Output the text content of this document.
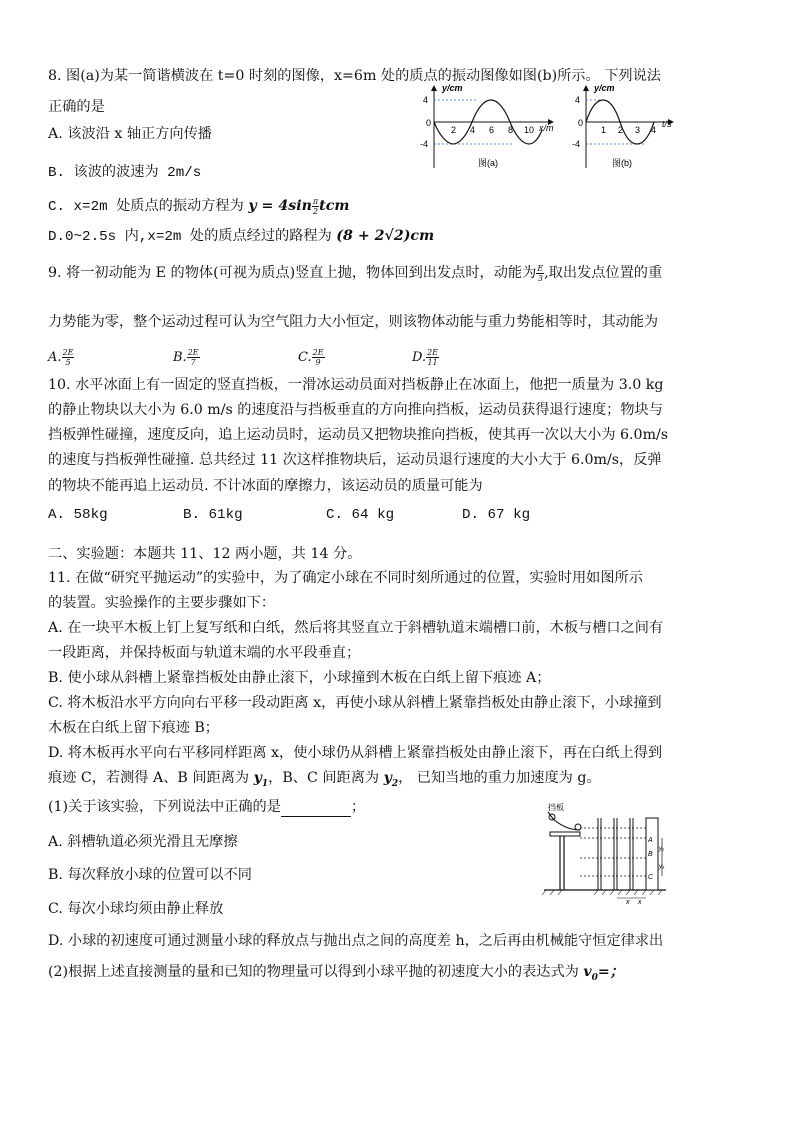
8. 图(a)为某一简谐横波在 t=0 时刻的图像，x=6m 处的质点的振动图像如图(b)所示。 下列说法
正确的是
A. 该波沿 x 轴正方向传播
B. 该波的波速为 2m/s
C. x=2m 处质点的振动方程为 $y = 4\sin \frac{\pi}{2}$ tcm
D.0~2.5s 内,x=2m 处的质点经过的路程为 (8 + 2√2)cm
y/cm
4
0
-4
2 4 6 8 10 x/m
图(a)
y/cm
4
0
-4
1 2 3 4
t/s
图(b)
9. 将一初动能为 E 的物体(可视为质点)竖直上抛，物体回到出发点时，动能为 $\frac{E}{3}$ ,取出发点位置的重
力势能为零，整个运动过程可认为空气阻力大小恒定，则该物体动能与重力势能相等时，其动能为
A. $\frac{2E}{5}$	B. $\frac{2E}{7}$	C. $\frac{2E}{9}$	D. $\frac{2E}{11}$
10. 水平冰面上有一固定的竖直挡板，一滑冰运动员面对挡板静止在冰面上，他把一质量为 3.0 kg
的静止物块以大小为 6.0 m/s 的速度沿与挡板垂直的方向推向挡板，运动员获得退行速度；物块与
挡板弹性碰撞，速度反向，追上运动员时，运动员又把物块推向挡板，使其再一次以大小为 6.0m/s
的速度与挡板弹性碰撞. 总共经过 11 次这样推物块后，运动员退行速度的大小大于 6.0m/s，反弹
的物块不能再追上运动员. 不计冰面的摩擦力，该运动员的质量可能为
A. 58kg	B. 61kg	C. 64 kg	D. 67 kg
二、实验题：本题共 11、12 两小题，共 14 分。
11. 在做“研究平抛运动”的实验中，为了确定小球在不同时刻所通过的位置，实验时用如图所示
的装置。实验操作的主要步骤如下：
A. 在一块平木板上钉上复写纸和白纸，然后将其竖直立于斜槽轨道末端槽口前，木板与槽口之间有
一段距离，并保持板面与轨道末端的水平段垂直；
B. 使小球从斜槽上紧靠挡板处由静止滚下，小球撞到木板在白纸上留下痕迹 A；
C. 将木板沿水平方向向右平移一段动距离 x，再使小球从斜槽上紧靠挡板处由静止滚下，小球撞到
木板在白纸上留下痕迹 B；
D. 将木板再水平向右平移同样距离 x，使小球仍从斜槽上紧靠挡板处由静止滚下，再在白纸上得到
痕迹 C，若测得 A、B 间距离为 $y_1$，B、C 间距离为 $y_2$， 已知当地的重力加速度为 g。
(1)关于该实验，下列说法中正确的是	；
A. 斜槽轨道必须光滑且无摩擦
B. 每次释放小球的位置可以不同
C. 每次小球均须由静止释放
D. 小球的初速度可通过测量小球的释放点与抛出点之间的高度差 h，之后再由机械能守恒定律求出
(2)根据上述直接测量的量和已知的物理量可以得到小球平抛的初速度大小的表达式为 $v_0=$；
挡板
A
B
C
y₁
y₂
x x
